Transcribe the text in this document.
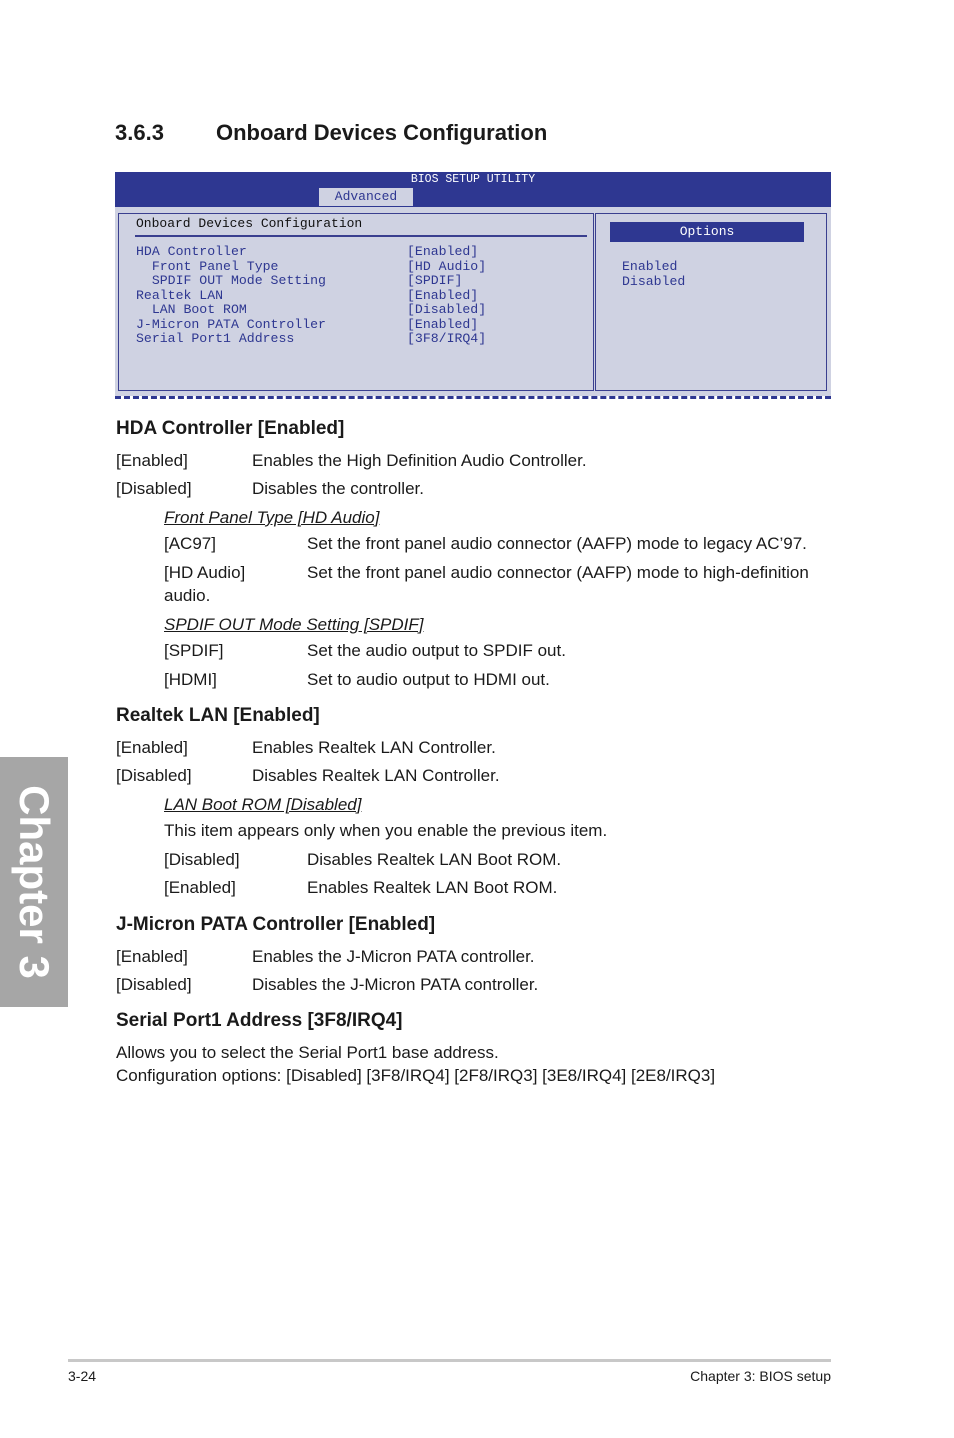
3.6.3 Onboard Devices Configuration
BIOS SETUP UTILITY
Advanced
Onboard Devices Configuration
HDA Controller	[Enabled]
Front Panel Type	[HD Audio]
SPDIF OUT Mode Setting	[SPDIF]
Realtek LAN	[Enabled]
LAN Boot ROM	[Disabled]
J-Micron PATA Controller	[Enabled]
Serial Port1 Address	[3F8/IRQ4]
Options
Enabled
Disabled
HDA Controller [Enabled]
[Enabled]	Enables the High Definition Audio Controller.
[Disabled]	Disables the controller.
Front Panel Type [HD Audio]
[AC97]	Set the front panel audio connector (AAFP) mode to legacy AC’97.
[HD Audio]	Set the front panel audio connector (AAFP) mode to high-definition
audio.
SPDIF OUT Mode Setting [SPDIF]
[SPDIF]	Set the audio output to SPDIF out.
[HDMI]	Set to audio output to HDMI out.
Realtek LAN [Enabled]
[Enabled]	Enables Realtek LAN Controller.
[Disabled]	Disables Realtek LAN Controller.
LAN Boot ROM [Disabled]
This item appears only when you enable the previous item.
[Disabled]	Disables Realtek LAN Boot ROM.
[Enabled]	Enables Realtek LAN Boot ROM.
J-Micron PATA Controller [Enabled]
[Enabled]	Enables the J-Micron PATA controller.
[Disabled]	Disables the J-Micron PATA controller.
Serial Port1 Address [3F8/IRQ4]
Allows you to select the Serial Port1 base address.
Configuration options: [Disabled] [3F8/IRQ4] [2F8/IRQ3] [3E8/IRQ4] [2E8/IRQ3]
Chapter 3
3-24	Chapter 3: BIOS setup
